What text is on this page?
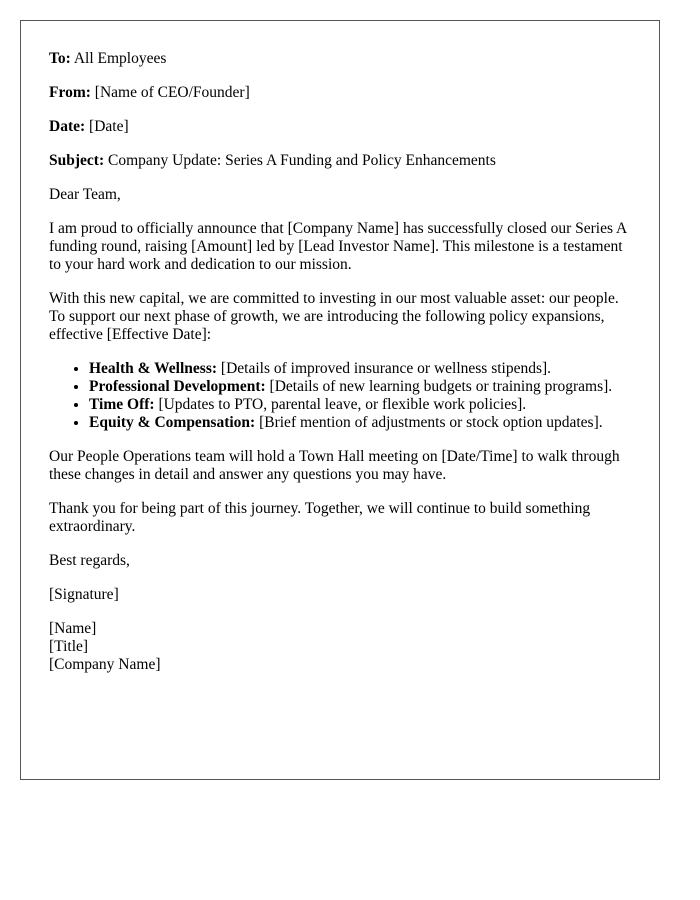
To: All Employees
From: [Name of CEO/Founder]
Date: [Date]
Subject: Company Update: Series A Funding and Policy Enhancements

Dear Team,

I am proud to officially announce that [Company Name] has successfully closed our Series A funding round, raising [Amount] led by [Lead Investor Name]. This milestone is a testament to your hard work and dedication to our mission.

With this new capital, we are committed to investing in our most valuable asset: our people. To support our next phase of growth, we are introducing the following policy expansions, effective [Effective Date]:

• Health & Wellness: [Details of improved insurance or wellness stipends].
• Professional Development: [Details of new learning budgets or training programs].
• Time Off: [Updates to PTO, parental leave, or flexible work policies].
• Equity & Compensation: [Brief mention of adjustments or stock option updates].

Our People Operations team will hold a Town Hall meeting on [Date/Time] to walk through these changes in detail and answer any questions you may have.

Thank you for being part of this journey. Together, we will continue to build something extraordinary.

Best regards,

[Signature]

[Name]
[Title]
[Company Name]
